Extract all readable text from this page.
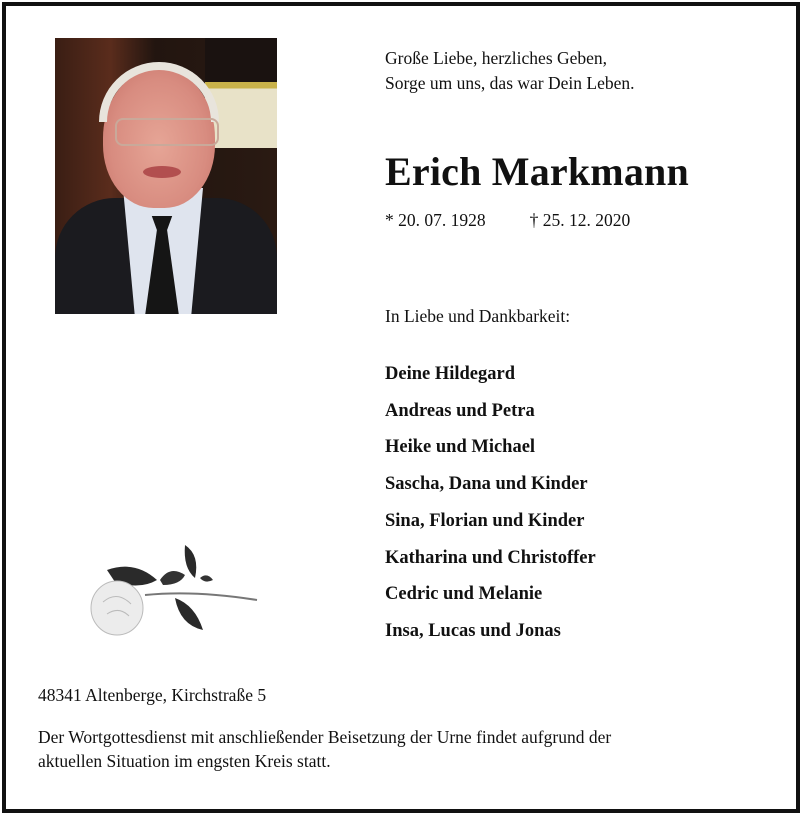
Große Liebe, herzliches Geben,
Sorge um uns, das war Dein Leben.
Erich Markmann
* 20. 07. 1928	† 25. 12. 2020
In Liebe und Dankbarkeit:
Deine Hildegard
Andreas und Petra
Heike und Michael
Sascha, Dana und Kinder
Sina, Florian und Kinder
Katharina und Christoffer
Cedric und Melanie
Insa, Lucas und Jonas
48341 Altenberge, Kirchstraße 5
Der Wortgottesdienst mit anschließender Beisetzung der Urne findet aufgrund der
aktuellen Situation im engsten Kreis statt.
